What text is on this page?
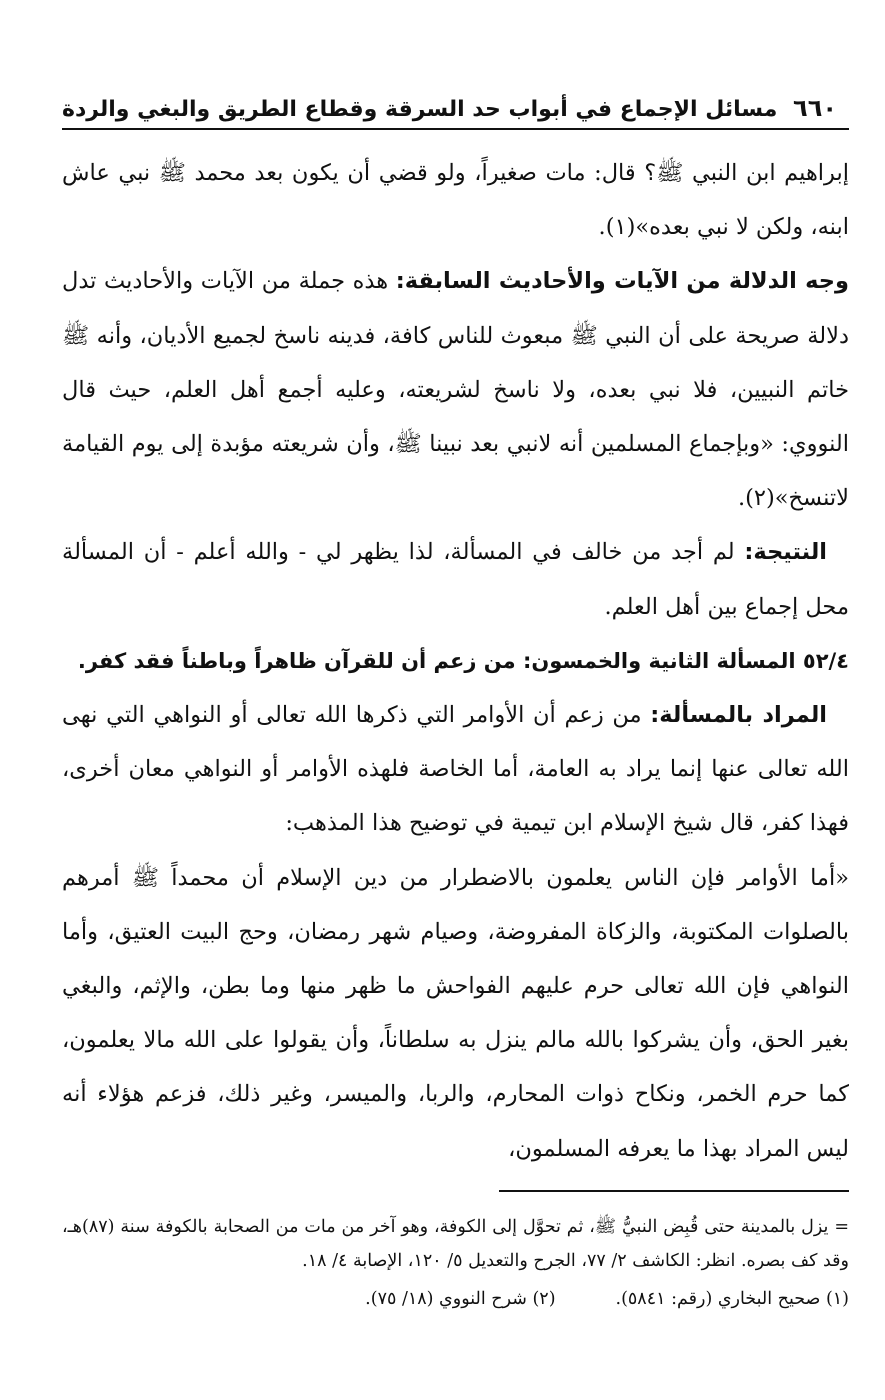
٦٦٠
مسائل الإجماع في أبواب حد السرقة وقطاع الطريق والبغي والردة

إبراهيم ابن النبي ﷺ؟ قال: مات صغيراً، ولو قضي أن يكون بعد محمد ﷺ نبي عاش ابنه، ولكن لا نبي بعده»(١).

وجه الدلالة من الآيات والأحاديث السابقة: هذه جملة من الآيات والأحاديث تدل دلالة صريحة على أن النبي ﷺ مبعوث للناس كافة، فدينه ناسخ لجميع الأديان، وأنه ﷺ خاتم النبيين، فلا نبي بعده، ولا ناسخ لشريعته، وعليه أجمع أهل العلم، حيث قال النووي: «وبإجماع المسلمين أنه لانبي بعد نبينا ﷺ، وأن شريعته مؤبدة إلى يوم القيامة لاتنسخ»(٢).

النتيجة: لم أجد من خالف في المسألة، لذا يظهر لي - والله أعلم - أن المسألة محل إجماع بين أهل العلم.

٥٢/٤ المسألة الثانية والخمسون: من زعم أن للقرآن ظاهراً وباطناً فقد كفر.

المراد بالمسألة: من زعم أن الأوامر التي ذكرها الله تعالى أو النواهي التي نهى الله تعالى عنها إنما يراد به العامة، أما الخاصة فلهذه الأوامر أو النواهي معان أخرى، فهذا كفر، قال شيخ الإسلام ابن تيمية في توضيح هذا المذهب:

«أما الأوامر فإن الناس يعلمون بالاضطرار من دين الإسلام أن محمداً ﷺ أمرهم بالصلوات المكتوبة، والزكاة المفروضة، وصيام شهر رمضان، وحج البيت العتيق، وأما النواهي فإن الله تعالى حرم عليهم الفواحش ما ظهر منها وما بطن، والإثم، والبغي بغير الحق، وأن يشركوا بالله مالم ينزل به سلطاناً، وأن يقولوا على الله مالا يعلمون، كما حرم الخمر، ونكاح ذوات المحارم، والربا، والميسر، وغير ذلك، فزعم هؤلاء أنه ليس المراد بهذا ما يعرفه المسلمون،

= يزل بالمدينة حتى قُبِض النبيُّ ﷺ، ثم تحوَّل إلى الكوفة، وهو آخر من مات من الصحابة بالكوفة سنة (٨٧)هـ، وقد كف بصره. انظر: الكاشف ٢/ ٧٧، الجرح والتعديل ٥/ ١٢٠، الإصابة ٤/ ١٨.

(١) صحيح البخاري (رقم: ٥٨٤١).
(٢) شرح النووي (١٨/ ٧٥).
